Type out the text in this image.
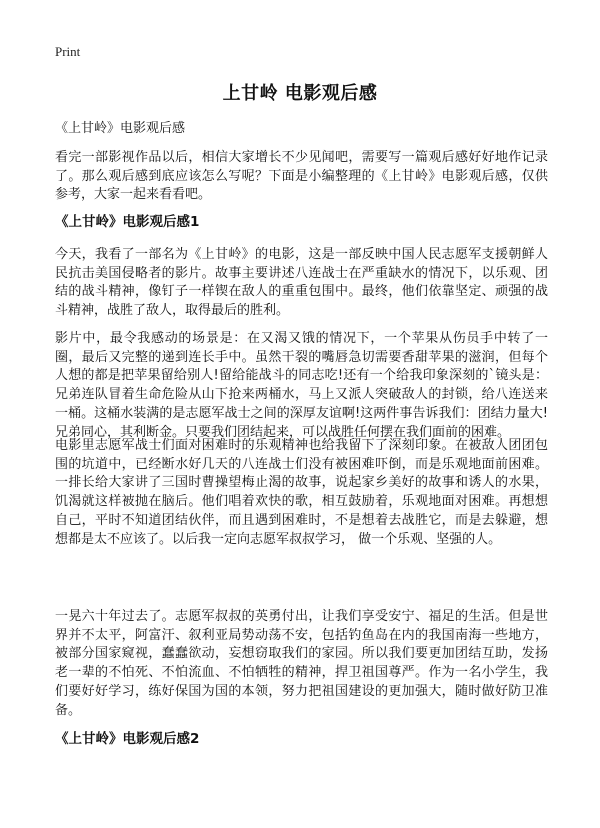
Print
上甘岭 电影观后感
《上甘岭》电影观后感

看完一部影视作品以后，相信大家增长不少见闻吧，需要写一篇观后感好好地作记录了。那么观后感到底应该怎么写呢？下面是小编整理的《上甘岭》电影观后感，仅供参考，大家一起来看看吧。

《上甘岭》电影观后感1

今天，我看了一部名为《上甘岭》的电影，这是一部反映中国人民志愿军支援朝鲜人民抗击美国侵略者的影片。故事主要讲述八连战士在严重缺水的情况下，以乐观、团结的战斗精神，像钉子一样锲在敌人的重重包围中。最终，他们依靠坚定、顽强的战斗精神，战胜了敌人，取得最后的胜利。

影片中，最令我感动的场景是：在又渴又饿的情况下，一个苹果从伤员手中转了一圈，最后又完整的递到连长手中。虽然干裂的嘴唇急切需要香甜苹果的滋润，但每个人想的都是把苹果留给别人!留给能战斗的同志吃!还有一个给我印象深刻的`镜头是：兄弟连队冒着生命危险从山下抢来两桶水，马上又派人突破敌人的封锁，给八连送来一桶。这桶水装满的是志愿军战士之间的深厚友谊啊!这两件事告诉我们：团结力量大!兄弟同心，其利断金。只要我们团结起来，可以战胜任何摆在我们面前的困难。

电影里志愿军战士们面对困难时的乐观精神也给我留下了深刻印象。在被敌人团团包围的坑道中，已经断水好几天的八连战士们没有被困难吓倒，而是乐观地面前困难。一排长给大家讲了三国时曹操望梅止渴的故事，说起家乡美好的故事和诱人的水果，饥渴就这样被抛在脑后。他们唱着欢快的歌，相互鼓励着，乐观地面对困难。再想想自己，平时不知道团结伙伴，而且遇到困难时，不是想着去战胜它，而是去躲避，想想都是太不应该了。以后我一定向志愿军叔叔学习， 做一个乐观、坚强的人。

一晃六十年过去了。志愿军叔叔的英勇付出，让我们享受安宁、福足的生活。但是世界并不太平，阿富汗、叙利亚局势动荡不安，包括钓鱼岛在内的我国南海一些地方，被部分国家窥视，蠢蠢欲动，妄想窃取我们的家园。所以我们要更加团结互助，发扬老一辈的不怕死、不怕流血、不怕牺牲的精神，捍卫祖国尊严。作为一名小学生，我们要好好学习，练好保国为国的本领，努力把祖国建设的更加强大，随时做好防卫准备。

《上甘岭》电影观后感2
